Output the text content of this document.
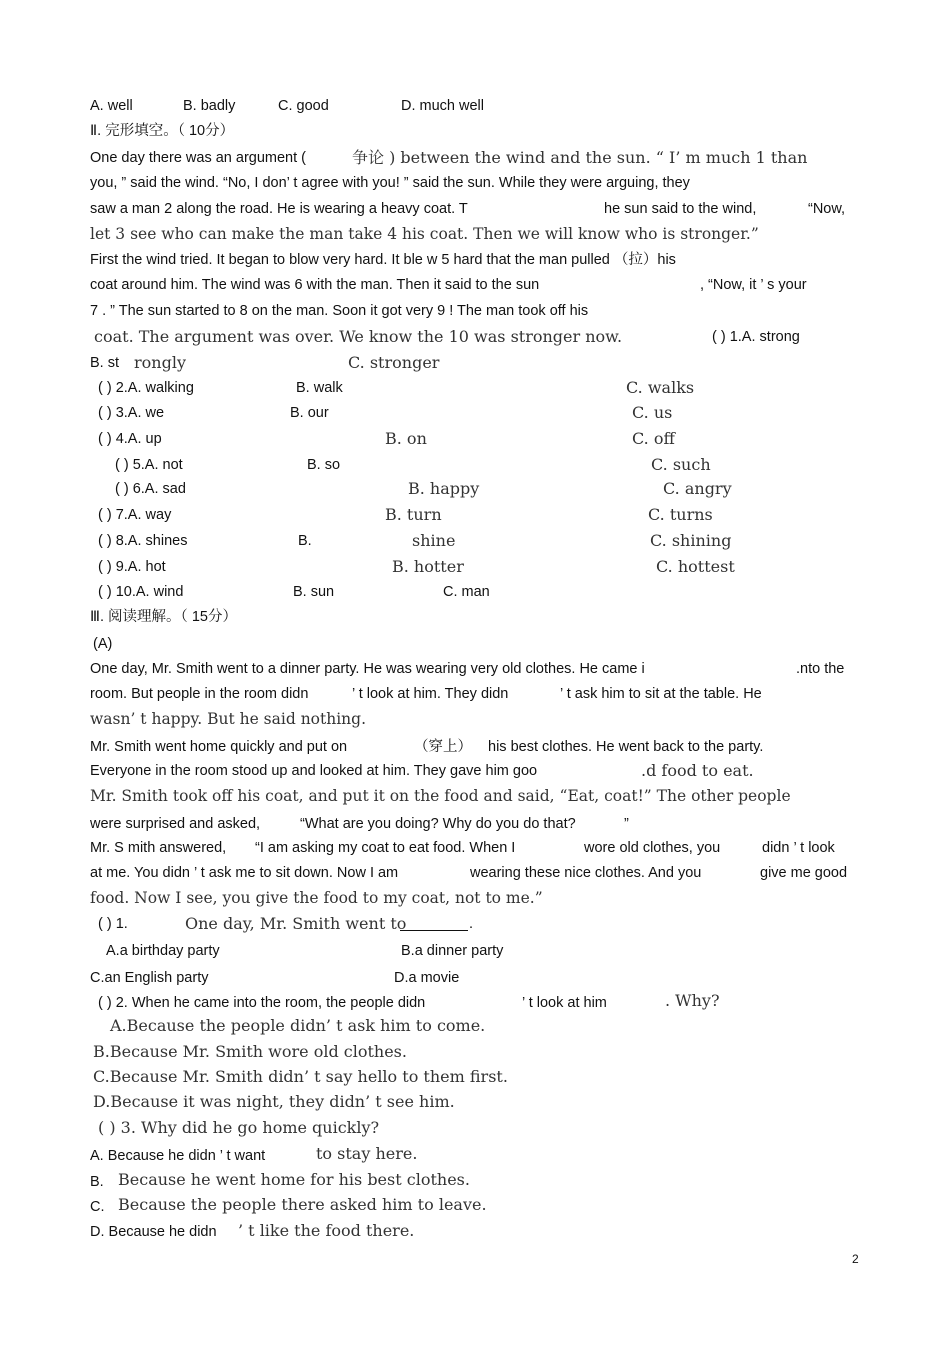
A. well	B. badly	C. good	D. much well
Ⅱ. 完形填空。（ 10分）
One day there was an argument (	争论 ) between the wind and the sun. “ I’ m much 1 than
you, ” said the wind. “No, I don’ t agree with you! ” said the sun. While they were arguing, they
saw a man 2 along the road. He is wearing a heavy coat. T	he sun said to the wind,	“Now,
let 3 see who can make the man take 4 his coat. Then we will know who is stronger.”
First the wind tried. It began to blow very hard. It ble w 5 hard that the man pulled （拉）his
coat around him. The wind was 6 with the man. Then it said to the sun	, “Now, it ’ s your
7 . ” The sun started to 8 on the man. Soon it got very 9 ! The man took off his
coat. The argument was over. We know the 10 was stronger now.	( ) 1.A. strong
B. st rongly	C. stronger
( ) 2.A. walking	B. walk	C. walks
( ) 3.A. we	B. our	C. us
( ) 4.A. up	B. on	C. off
( ) 5.A. not	B. so	C. such
( ) 6.A. sad	B. happy	C. angry
( ) 7.A. way	B. turn	C. turns
( ) 8.A. shines	B.	shine	C. shining
( ) 9.A. hot	B. hotter	C. hottest
( ) 10.A. wind	B. sun	C. man
Ⅲ. 阅读理解。（ 15分）
(A)
One day, Mr. Smith went to a dinner party. He was wearing very old clothes. He came i	.nto the
room. But people in the room didn	’ t look at him. They didn	’ t ask him to sit at the table. He
wasn’ t happy. But he said nothing.
Mr. Smith went home quickly and put on	（穿上） his best clothes. He went back to the party.
Everyone in the room stood up and looked at him. They gave him goo	.d food to eat.
Mr. Smith took off his coat, and put it on the food and said, “Eat, coat!” The other people
were surprised and asked,	“What are you doing? Why do you do that?	”
Mr. S mith answered, “I am asking my coat to eat food. When I	wore old clothes, you	didn ’ t look
at me. You didn ’ t ask me to sit down. Now I am	wearing these nice clothes. And you	give me good
food. Now I see, you give the food to my coat, not to me.”
( ) 1.	One day, Mr. Smith went to	.
A.a birthday party	B.a dinner party
C.an English party	D.a movie
( ) 2. When he came into the room, the people didn	’ t look at him	. Why?
A.Because the people didn’ t ask him to come.
B.Because Mr. Smith wore old clothes.
C.Because Mr. Smith didn’ t say hello to them first.
D.Because it was night, they didn’ t see him.
( ) 3. Why did he go home quickly?
A. Because he didn ’ t want	to stay here.
B. Because he went home for his best clothes.
C. Because the people there asked him to leave.
D. Because he didn ’ t like the food there.
2
